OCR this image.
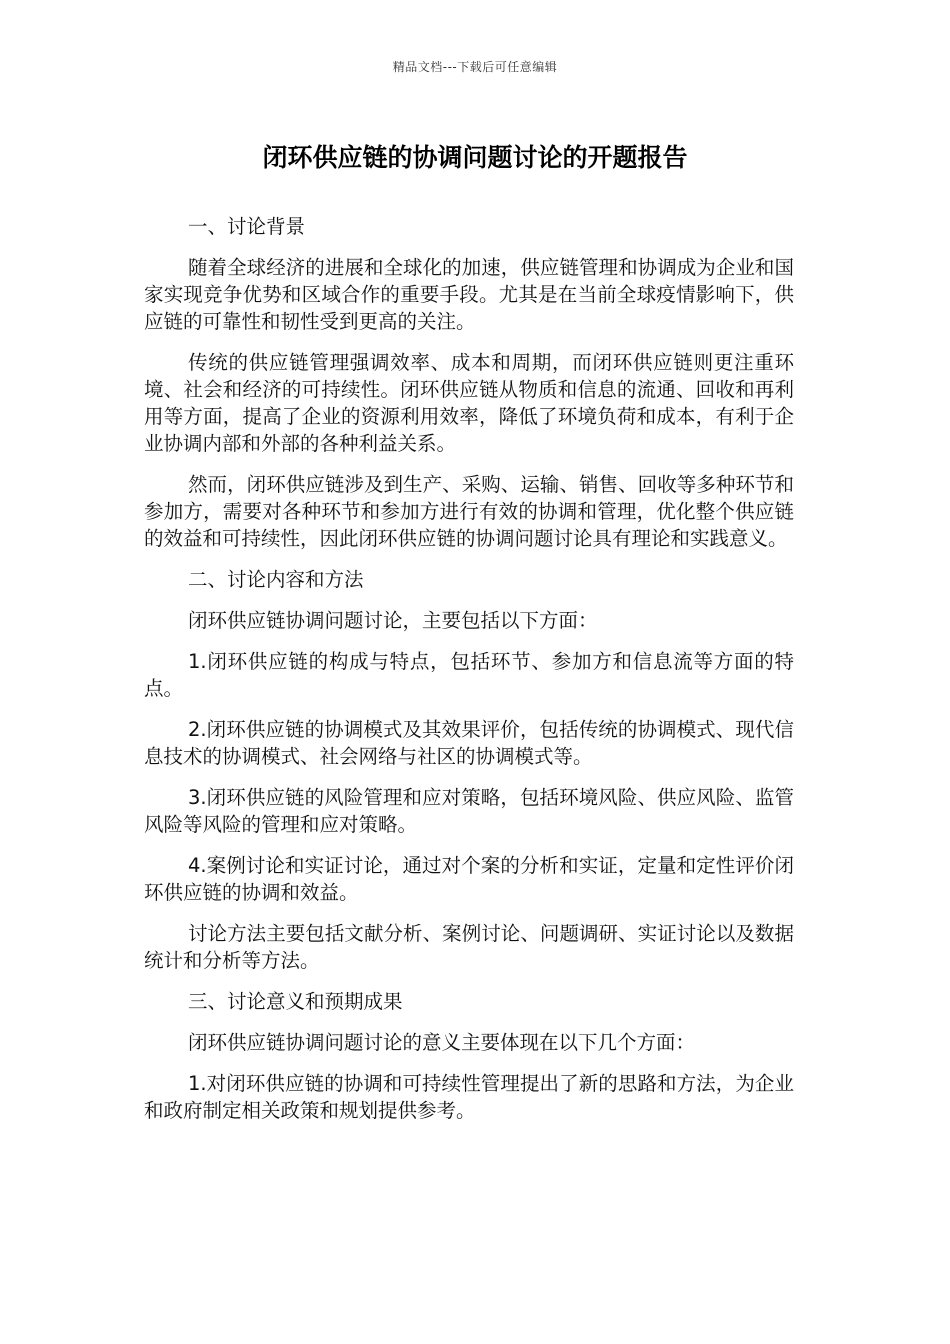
精品文档---下载后可任意编辑
闭环供应链的协调问题讨论的开题报告

一、讨论背景

随着全球经济的进展和全球化的加速，供应链管理和协调成为企业和国家实现竞争优势和区域合作的重要手段。尤其是在当前全球疫情影响下，供应链的可靠性和韧性受到更高的关注。

传统的供应链管理强调效率、成本和周期，而闭环供应链则更注重环境、社会和经济的可持续性。闭环供应链从物质和信息的流通、回收和再利用等方面，提高了企业的资源利用效率，降低了环境负荷和成本，有利于企业协调内部和外部的各种利益关系。

然而，闭环供应链涉及到生产、采购、运输、销售、回收等多种环节和参加方，需要对各种环节和参加方进行有效的协调和管理，优化整个供应链的效益和可持续性，因此闭环供应链的协调问题讨论具有理论和实践意义。

二、讨论内容和方法

闭环供应链协调问题讨论，主要包括以下方面：

1.闭环供应链的构成与特点，包括环节、参加方和信息流等方面的特点。

2.闭环供应链的协调模式及其效果评价，包括传统的协调模式、现代信息技术的协调模式、社会网络与社区的协调模式等。

3.闭环供应链的风险管理和应对策略，包括环境风险、供应风险、监管风险等风险的管理和应对策略。

4.案例讨论和实证讨论，通过对个案的分析和实证，定量和定性评价闭环供应链的协调和效益。

讨论方法主要包括文献分析、案例讨论、问题调研、实证讨论以及数据统计和分析等方法。

三、讨论意义和预期成果

闭环供应链协调问题讨论的意义主要体现在以下几个方面：

1.对闭环供应链的协调和可持续性管理提出了新的思路和方法，为企业和政府制定相关政策和规划提供参考。
